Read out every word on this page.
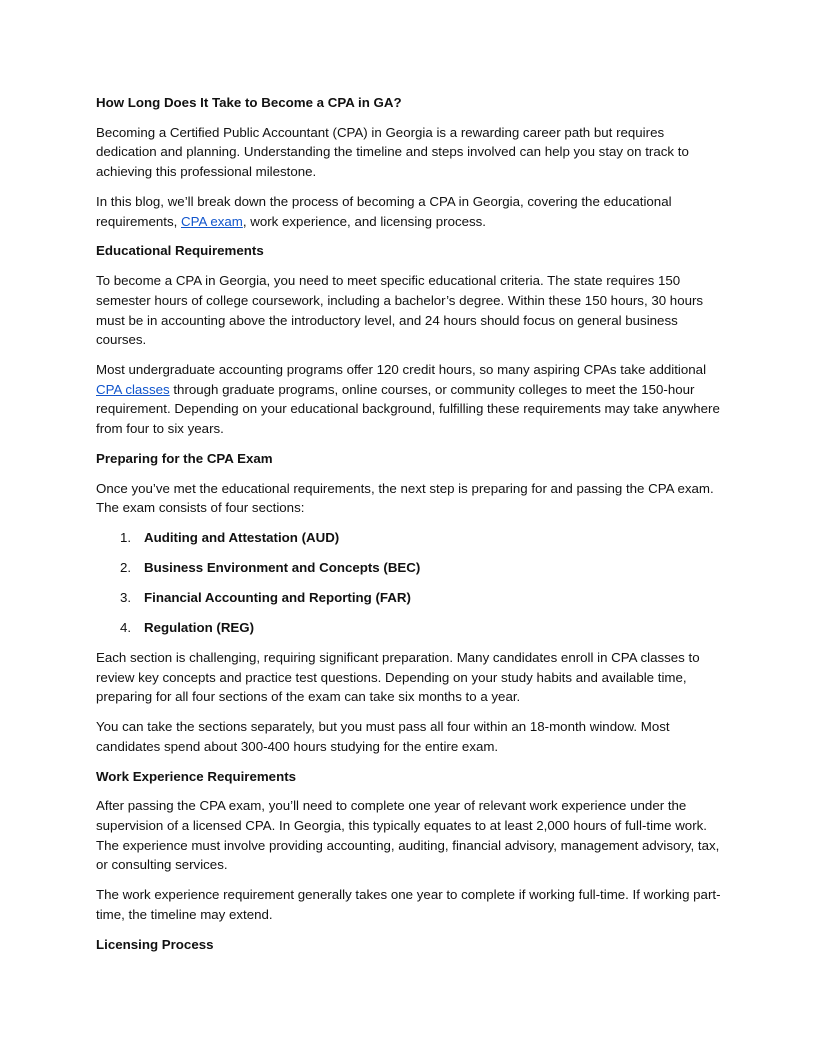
How Long Does It Take to Become a CPA in GA?

Becoming a Certified Public Accountant (CPA) in Georgia is a rewarding career path but requires dedication and planning. Understanding the timeline and steps involved can help you stay on track to achieving this professional milestone.

In this blog, we’ll break down the process of becoming a CPA in Georgia, covering the educational requirements, CPA exam, work experience, and licensing process.

Educational Requirements

To become a CPA in Georgia, you need to meet specific educational criteria. The state requires 150 semester hours of college coursework, including a bachelor’s degree. Within these 150 hours, 30 hours must be in accounting above the introductory level, and 24 hours should focus on general business courses.

Most undergraduate accounting programs offer 120 credit hours, so many aspiring CPAs take additional CPA classes through graduate programs, online courses, or community colleges to meet the 150-hour requirement. Depending on your educational background, fulfilling these requirements may take anywhere from four to six years.

Preparing for the CPA Exam

Once you’ve met the educational requirements, the next step is preparing for and passing the CPA exam. The exam consists of four sections:

1. Auditing and Attestation (AUD)
2. Business Environment and Concepts (BEC)
3. Financial Accounting and Reporting (FAR)
4. Regulation (REG)

Each section is challenging, requiring significant preparation. Many candidates enroll in CPA classes to review key concepts and practice test questions. Depending on your study habits and available time, preparing for all four sections of the exam can take six months to a year.

You can take the sections separately, but you must pass all four within an 18-month window. Most candidates spend about 300-400 hours studying for the entire exam.

Work Experience Requirements

After passing the CPA exam, you’ll need to complete one year of relevant work experience under the supervision of a licensed CPA. In Georgia, this typically equates to at least 2,000 hours of full-time work. The experience must involve providing accounting, auditing, financial advisory, management advisory, tax, or consulting services.

The work experience requirement generally takes one year to complete if working full-time. If working part-time, the timeline may extend.

Licensing Process
